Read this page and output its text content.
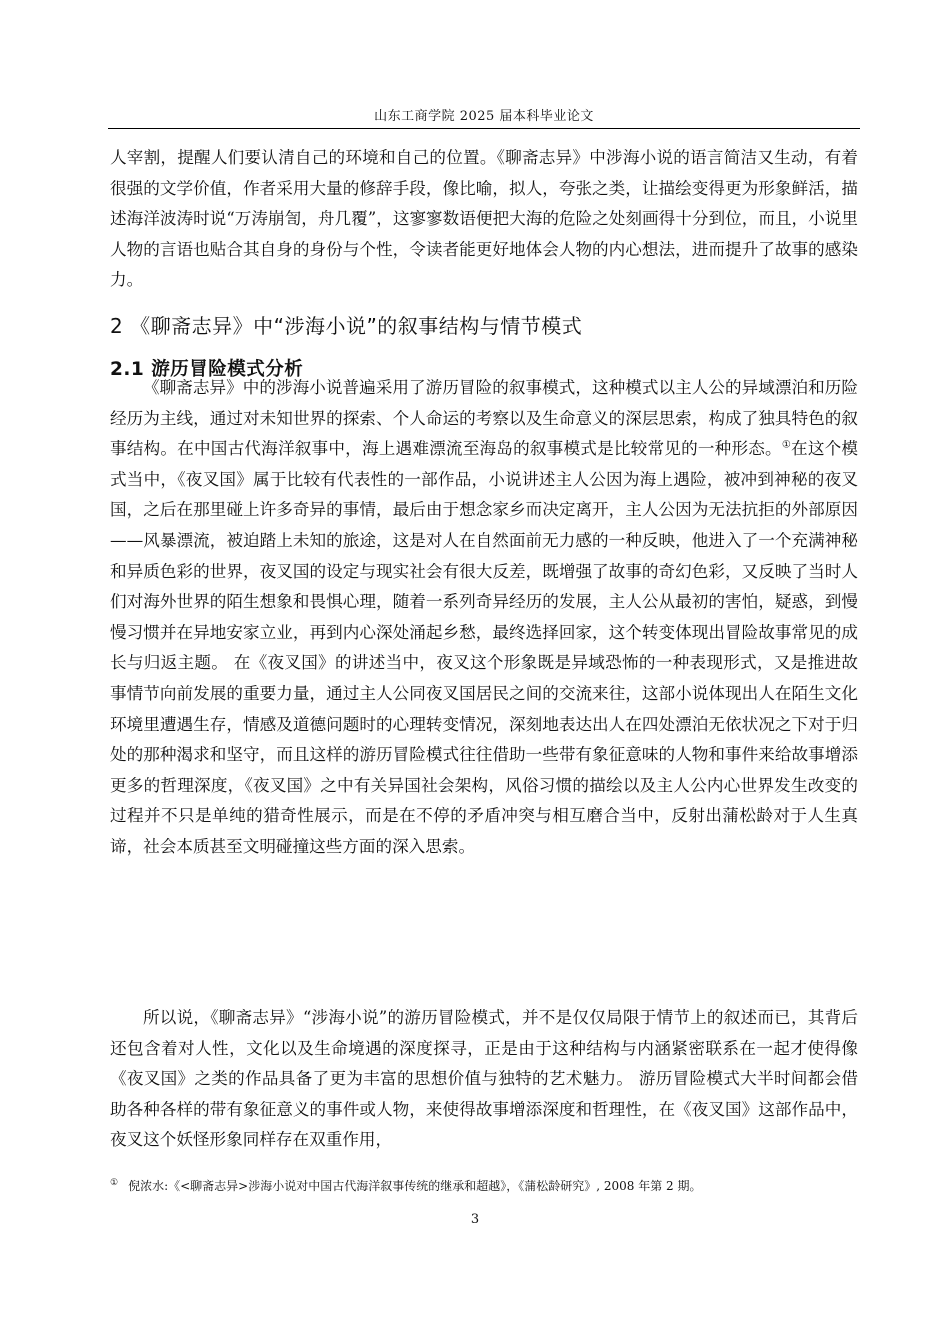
山东工商学院 2025 届本科毕业论文

人宰割，提醒人们要认清自己的环境和自己的位置。《聊斋志异》中涉海小说的语言简洁又生动，有着很强的文学价值，作者采用大量的修辞手段，像比喻，拟人，夸张之类，让描绘变得更为形象鲜活，描述海洋波涛时说“万涛崩訇，舟几覆”，这寥寥数语便把大海的危险之处刻画得十分到位，而且，小说里人物的言语也贴合其自身的身份与个性，令读者能更好地体会人物的内心想法，进而提升了故事的感染力。

2 《聊斋志异》中“涉海小说”的叙事结构与情节模式
2.1 游历冒险模式分析
《聊斋志异》中的涉海小说普遍采用了游历冒险的叙事模式，这种模式以主人公的异域漂泊和历险经历为主线，通过对未知世界的探索、个人命运的考察以及生命意义的深层思索，构成了独具特色的叙事结构。在中国古代海洋叙事中，海上遇难漂流至海岛的叙事模式是比较常见的一种形态。①在这个模式当中，《夜叉国》属于比较有代表性的一部作品，小说讲述主人公因为海上遇险，被冲到神秘的夜叉国，之后在那里碰上许多奇异的事情，最后由于想念家乡而决定离开，主人公因为无法抗拒的外部原因——风暴漂流，被迫踏上未知的旅途，这是对人在自然面前无力感的一种反映，他进入了一个充满神秘和异质色彩的世界，夜叉国的设定与现实社会有很大反差，既增强了故事的奇幻色彩，又反映了当时人们对海外世界的陌生想象和畏惧心理，随着一系列奇异经历的发展，主人公从最初的害怕，疑惑，到慢慢习惯并在异地安家立业，再到内心深处涌起乡愁，最终选择回家，这个转变体现出冒险故事常见的成长与归返主题。 在《夜叉国》的讲述当中，夜叉这个形象既是异域恐怖的一种表现形式，又是推进故事情节向前发展的重要力量，通过主人公同夜叉国居民之间的交流来往，这部小说体现出人在陌生文化环境里遭遇生存，情感及道德问题时的心理转变情况，深刻地表达出人在四处漂泊无依状况之下对于归处的那种渴求和坚守，而且这样的游历冒险模式往往借助一些带有象征意味的人物和事件来给故事增添更多的哲理深度，《夜叉国》之中有关异国社会架构，风俗习惯的描绘以及主人公内心世界发生改变的过程并不只是单纯的猎奇性展示，而是在不停的矛盾冲突与相互磨合当中，反射出蒲松龄对于人生真谛，社会本质甚至文明碰撞这些方面的深入思索。
所以说，《聊斋志异》“涉海小说”的游历冒险模式，并不是仅仅局限于情节上的叙述而已，其背后还包含着对人性，文化以及生命境遇的深度探寻，正是由于这种结构与内涵紧密联系在一起才使得像《夜叉国》之类的作品具备了更为丰富的思想价值与独特的艺术魅力。 游历冒险模式大半时间都会借助各种各样的带有象征意义的事件或人物，来使得故事增添深度和哲理性，在《夜叉国》这部作品中，夜叉这个妖怪形象同样存在双重作用，
① 倪浓水:《<聊斋志异>涉海小说对中国古代海洋叙事传统的继承和超越》，《蒲松龄研究》, 2008 年第 2 期。
3
